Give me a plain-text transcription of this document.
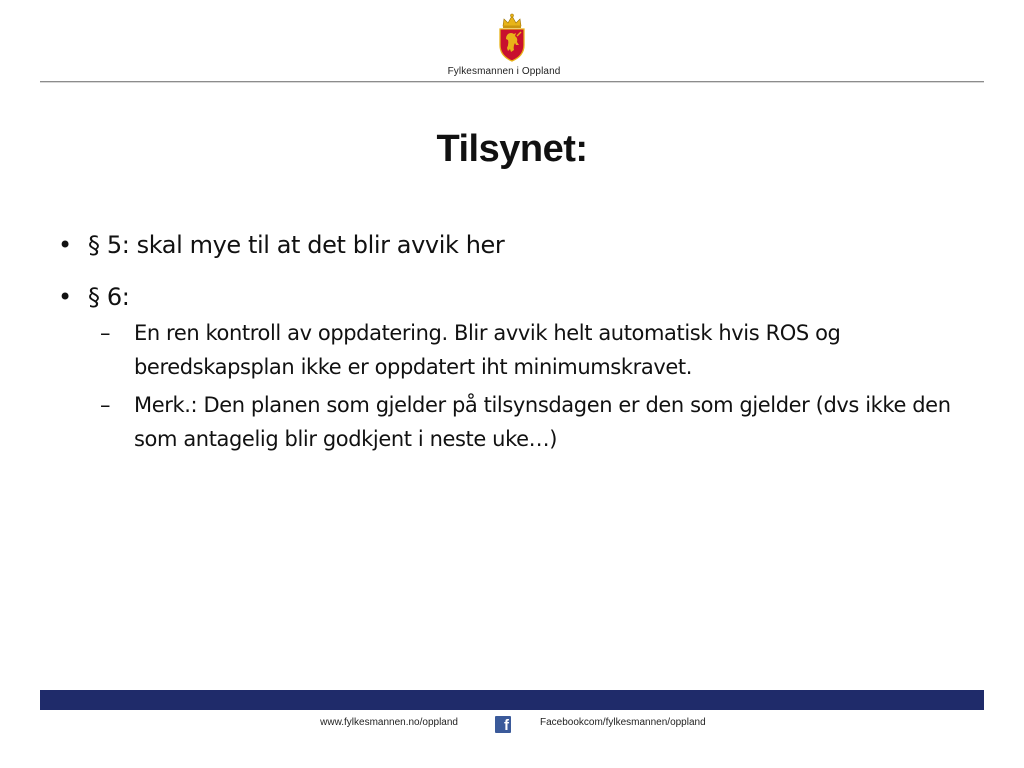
Fylkesmannen i Oppland
Tilsynet:
• § 5: skal mye til at det blir avvik her
• § 6:
– En ren kontroll av oppdatering. Blir avvik helt automatisk hvis ROS og beredskapsplan ikke er oppdatert iht minimumskravet.
– Merk.: Den planen som gjelder på tilsynsdagen er den som gjelder (dvs ikke den som antagelig blir godkjent i neste uke…)
www.fylkesmannen.no/oppland	f	Facebookcom/fylkesmannen/oppland
